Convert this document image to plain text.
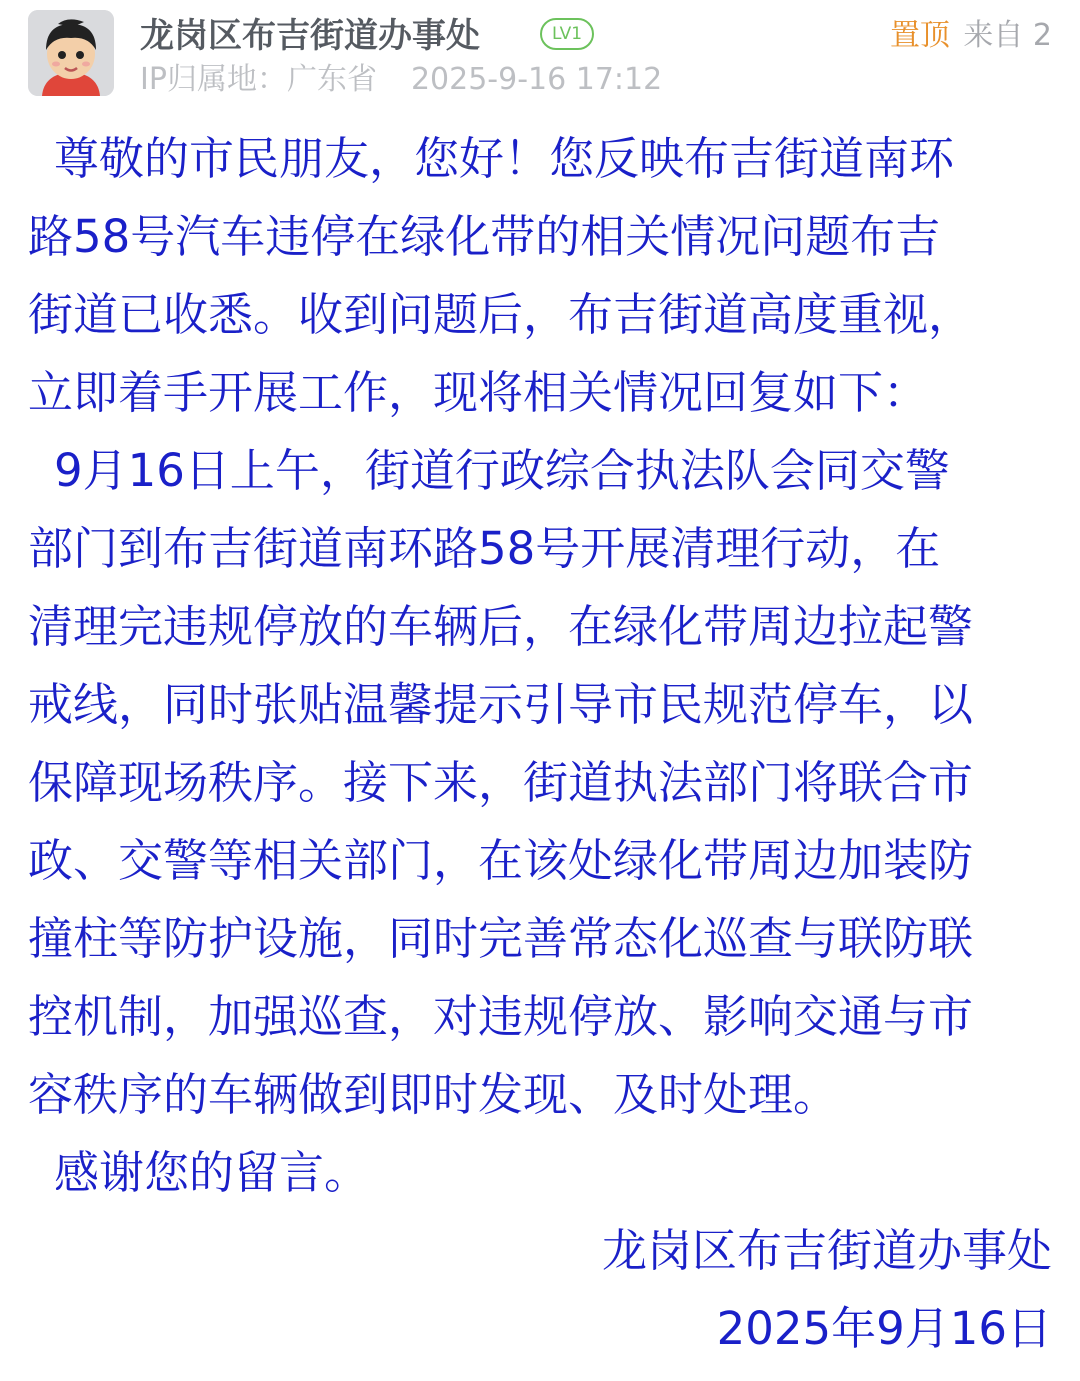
龙岗区布吉街道办事处	LV1
IP归属地：广东省 2025-9-16 17:12
置顶 来自 2
尊敬的市民朋友，您好！您反映布吉街道南环
路58号汽车违停在绿化带的相关情况问题布吉
街道已收悉。收到问题后，布吉街道高度重视，
立即着手开展工作，现将相关情况回复如下：
9月16日上午，街道行政综合执法队会同交警
部门到布吉街道南环路58号开展清理行动，在
清理完违规停放的车辆后，在绿化带周边拉起警
戒线，同时张贴温馨提示引导市民规范停车，以
保障现场秩序。接下来，街道执法部门将联合市
政、交警等相关部门，在该处绿化带周边加装防
撞柱等防护设施，同时完善常态化巡查与联防联
控机制，加强巡查，对违规停放、影响交通与市
容秩序的车辆做到即时发现、及时处理。
感谢您的留言。
龙岗区布吉街道办事处
2025年9月16日
